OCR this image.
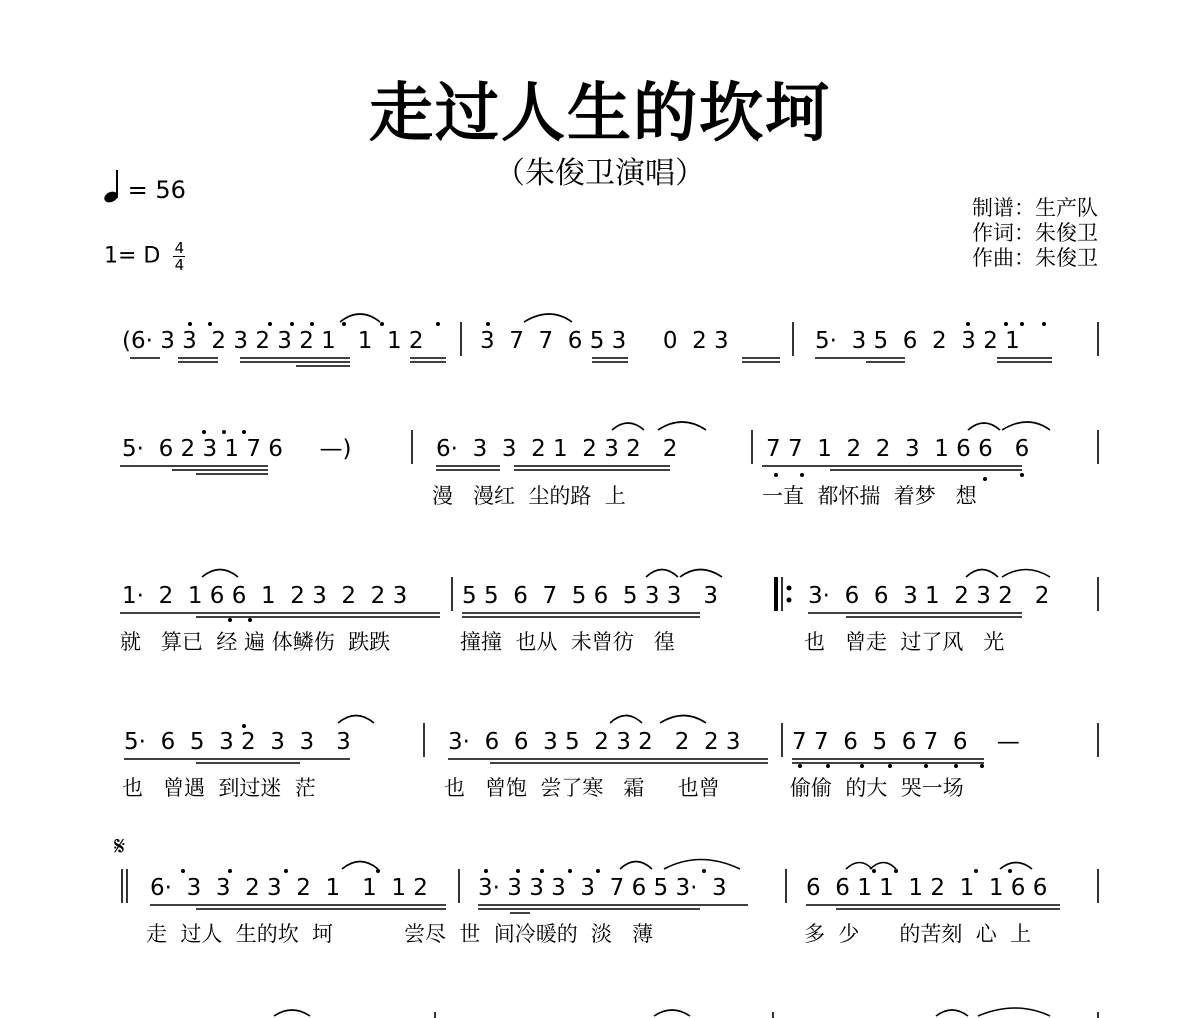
走过人生的坎坷
（朱俊卫演唱）
= 56
1= D $\frac{4}{4}$
制谱：生产队
作词：朱俊卫
作曲：朱俊卫
(6· 3 3  2 3 2 3 2 1   1  1 2 3  7  7  6 5 3     0  2 3	5·  3 5  6  2  3 2 1
5·  6 2 3 1 7 6     —)	6·  3  3  2 1  2 3 2   2	7 7  1  2  2  3  1 6 6   6
漫   漫红  尘的路  上	一直  都怀揣  着梦   想
1·  2  1 6 6  1  2 3  2  2 3 5 5  6  7  5 6  5 3 3   3	3·  6  6  3 1  2 3 2   2
就   算已  经 遍 体鳞伤  跌跌	撞撞  也从  未曾彷   徨	也   曾走  过了风   光
5·  6  5  3 2  3  3   3	3·  6  6  3 5  2 3 2   2  2 3 7 7  6  5  6 7  6    —
也   曾遇  到过迷  茫	也   曾饱  尝了寒   霜     也曾	偷偷  的大  哭一场
𝄋
6·  3  3  2 3  2  1   1  1 2 3· 3 3 3  3  7 6 5 3·  3	6  6 1 1  1 2  1  1 6 6
走  过人  生的坎  坷	尝尽  世  间冷暖的  淡   薄	多  少      的苦刻  心  上
